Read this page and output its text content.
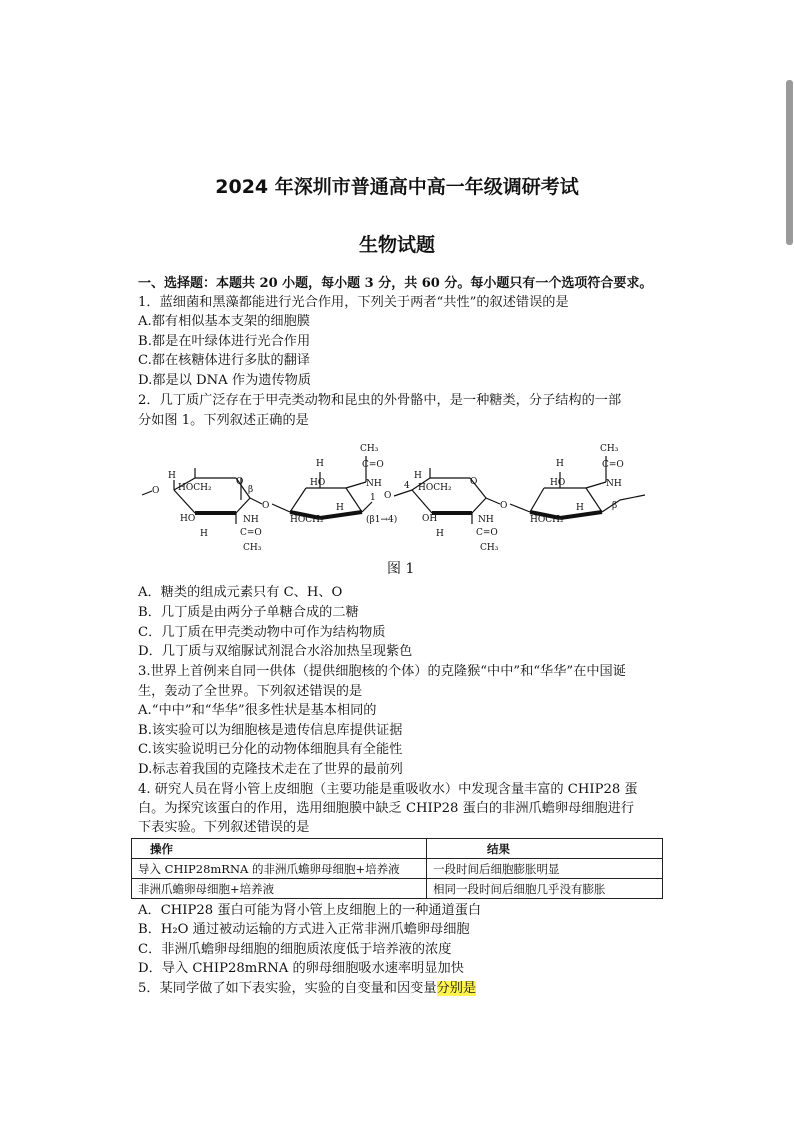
2024 年深圳市普通高中高一年级调研考试
生物试题
一、选择题：本题共 20 小题，每小题 3 分，共 60 分。每小题只有一个选项符合要求。
1．蓝细菌和黑藻都能进行光合作用，下列关于两者“共性”的叙述错误的是
A.都有相似基本支架的细胞膜
B.都是在叶绿体进行光合作用
C.都在核糖体进行多肽的翻译
D.都是以 DNA 作为遗传物质
2．几丁质广泛存在于甲壳类动物和昆虫的外骨骼中，是一种糖类，分子结构的一部
分如图 1。下列叙述正确的是
O
H
HOCH₂
O
HO
H
β
NH
C=O
CH₃
O
H
HO
CH₃
C=O
NH
HOCH₂
H
1 O
(β1→4)
4
H
HOCH₂
O
OH
H
NH
C=O
CH₃
O
H
HO
CH₃
C=O
NH
HOCH₂
H	β
图 1
A．糖类的组成元素只有 C、H、O
B．几丁质是由两分子单糖合成的二糖
C．几丁质在甲壳类动物中可作为结构物质
D．几丁质与双缩脲试剂混合水浴加热呈现紫色
3.世界上首例来自同一供体（提供细胞核的个体）的克隆猴“中中”和“华华”在中国诞
生，轰动了全世界。下列叙述错误的是
A.“中中”和“华华”很多性状是基本相同的
B.该实验可以为细胞核是遗传信息库提供证据
C.该实验说明已分化的动物体细胞具有全能性
D.标志着我国的克隆技术走在了世界的最前列
4. 研究人员在肾小管上皮细胞（主要功能是重吸收水）中发现含量丰富的 CHIP28 蛋
白。为探究该蛋白的作用，选用细胞膜中缺乏 CHIP28 蛋白的非洲爪蟾卵母细胞进行
下表实验。下列叙述错误的是
操作	结果
导入 CHIP28mRNA 的非洲爪蟾卵母细胞+培养液	一段时间后细胞膨胀明显
非洲爪蟾卵母细胞+培养液	相同一段时间后细胞几乎没有膨胀
A．CHIP28 蛋白可能为肾小管上皮细胞上的一种通道蛋白
B．H₂O 通过被动运输的方式进入正常非洲爪蟾卵母细胞
C．非洲爪蟾卵母细胞的细胞质浓度低于培养液的浓度
D．导入 CHIP28mRNA 的卵母细胞吸水速率明显加快
5．某同学做了如下表实验，实验的自变量和因变量分别是
